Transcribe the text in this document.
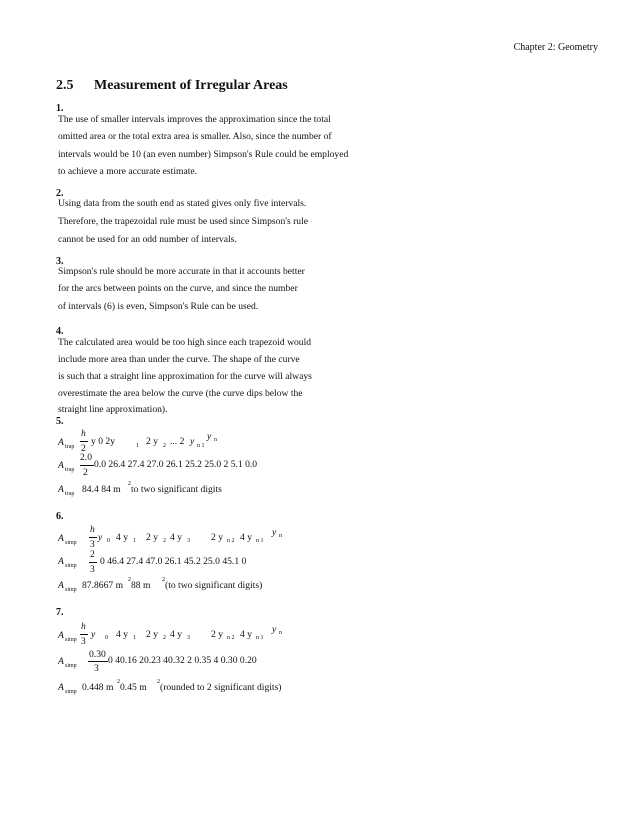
Chapter 2: Geometry
2.5 Measurement of Irregular Areas
1.
The use of smaller intervals improves the approximation since the total
omitted area or the total extra area is smaller. Also, since the number of
intervals would be 10 (an even number) Simpson's Rule could be employed
to achieve a more accurate estimate.
2.
Using data from the south end as stated gives only five intervals.
Therefore, the trapezoidal rule must be used since Simpson's rule
cannot be used for an odd number of intervals.
3.
Simpson's rule should be more accurate in that it accounts better
for the arcs between points on the curve, and since the number
of intervals (6) is even, Simpson's Rule can be used.
4.
The calculated area would be too high since each trapezoid would
include more area than under the curve. The shape of the curve
is such that a straight line approximation for the curve will always
overestimate the area below the curve (the curve dips below the
straight line approximation).
5.
A trap
h
2
y 0 2y	1 2 y 2 ... 2 y n 1
y n
A trap
2.0
2
0.0 26.4 27.4 27.0 26.1 25.2 25.0 2 5.1 0.0
A trap 84.4 84 m 2 to two significant digits
6.
A simp
h
3
y 0 4 y 1 2 y 2 4 y 3 2 y n 2 4 y n 1
y n
A simp
2
3
0 46.4 27.4 47.0 26.1 45.2 25.0 45.1 0
A simp 87.8667 m 2 88 m 2 (to two significant digits)
7.
A simp
h
3
y 0 4 y 1 2 y 2 4 y 3 2 y n 2 4 y n 1
y n
A simp
0.30
3
0 40.16 20.23 40.32 2 0.35 4 0.30 0.20
A simp 0.448 m 2 0.45 m 2 (rounded to 2 significant digits)
